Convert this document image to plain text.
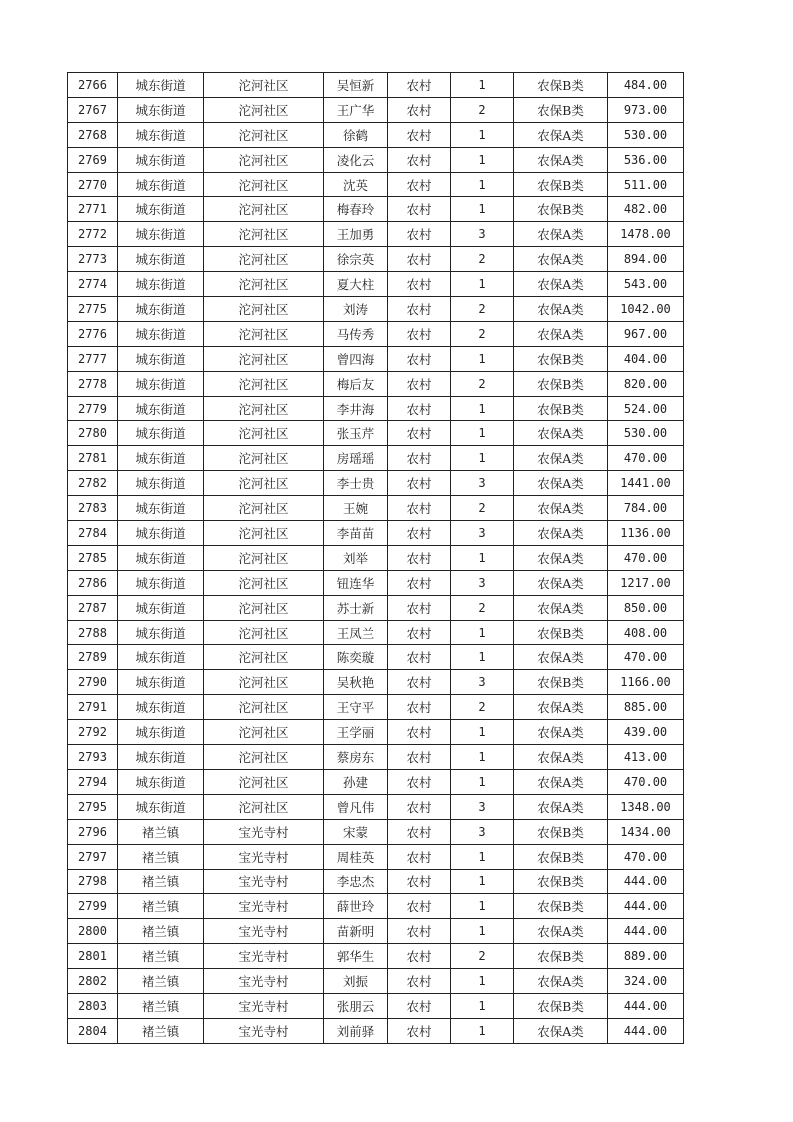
2766	城东街道	沱河社区	吴恒新	农村	1	农保B类	484.00
2767	城东街道	沱河社区	王广华	农村	2	农保B类	973.00
2768	城东街道	沱河社区	徐鹤	农村	1	农保A类	530.00
2769	城东街道	沱河社区	凌化云	农村	1	农保A类	536.00
2770	城东街道	沱河社区	沈英	农村	1	农保B类	511.00
2771	城东街道	沱河社区	梅春玲	农村	1	农保B类	482.00
2772	城东街道	沱河社区	王加勇	农村	3	农保A类	1478.00
2773	城东街道	沱河社区	徐宗英	农村	2	农保A类	894.00
2774	城东街道	沱河社区	夏大柱	农村	1	农保A类	543.00
2775	城东街道	沱河社区	刘涛	农村	2	农保A类	1042.00
2776	城东街道	沱河社区	马传秀	农村	2	农保A类	967.00
2777	城东街道	沱河社区	曾四海	农村	1	农保B类	404.00
2778	城东街道	沱河社区	梅后友	农村	2	农保B类	820.00
2779	城东街道	沱河社区	李井海	农村	1	农保B类	524.00
2780	城东街道	沱河社区	张玉芹	农村	1	农保A类	530.00
2781	城东街道	沱河社区	房瑶瑶	农村	1	农保A类	470.00
2782	城东街道	沱河社区	李士贵	农村	3	农保A类	1441.00
2783	城东街道	沱河社区	王婉	农村	2	农保A类	784.00
2784	城东街道	沱河社区	李苗苗	农村	3	农保A类	1136.00
2785	城东街道	沱河社区	刘举	农村	1	农保A类	470.00
2786	城东街道	沱河社区	钮连华	农村	3	农保A类	1217.00
2787	城东街道	沱河社区	苏士新	农村	2	农保A类	850.00
2788	城东街道	沱河社区	王凤兰	农村	1	农保B类	408.00
2789	城东街道	沱河社区	陈奕璇	农村	1	农保A类	470.00
2790	城东街道	沱河社区	吴秋艳	农村	3	农保B类	1166.00
2791	城东街道	沱河社区	王守平	农村	2	农保A类	885.00
2792	城东街道	沱河社区	王学丽	农村	1	农保A类	439.00
2793	城东街道	沱河社区	蔡房东	农村	1	农保A类	413.00
2794	城东街道	沱河社区	孙建	农村	1	农保A类	470.00
2795	城东街道	沱河社区	曾凡伟	农村	3	农保A类	1348.00
2796	褚兰镇	宝光寺村	宋蒙	农村	3	农保B类	1434.00
2797	褚兰镇	宝光寺村	周桂英	农村	1	农保B类	470.00
2798	褚兰镇	宝光寺村	李忠杰	农村	1	农保B类	444.00
2799	褚兰镇	宝光寺村	薛世玲	农村	1	农保B类	444.00
2800	褚兰镇	宝光寺村	苗新明	农村	1	农保A类	444.00
2801	褚兰镇	宝光寺村	郭华生	农村	2	农保B类	889.00
2802	褚兰镇	宝光寺村	刘振	农村	1	农保A类	324.00
2803	褚兰镇	宝光寺村	张朋云	农村	1	农保B类	444.00
2804	褚兰镇	宝光寺村	刘前驿	农村	1	农保A类	444.00
